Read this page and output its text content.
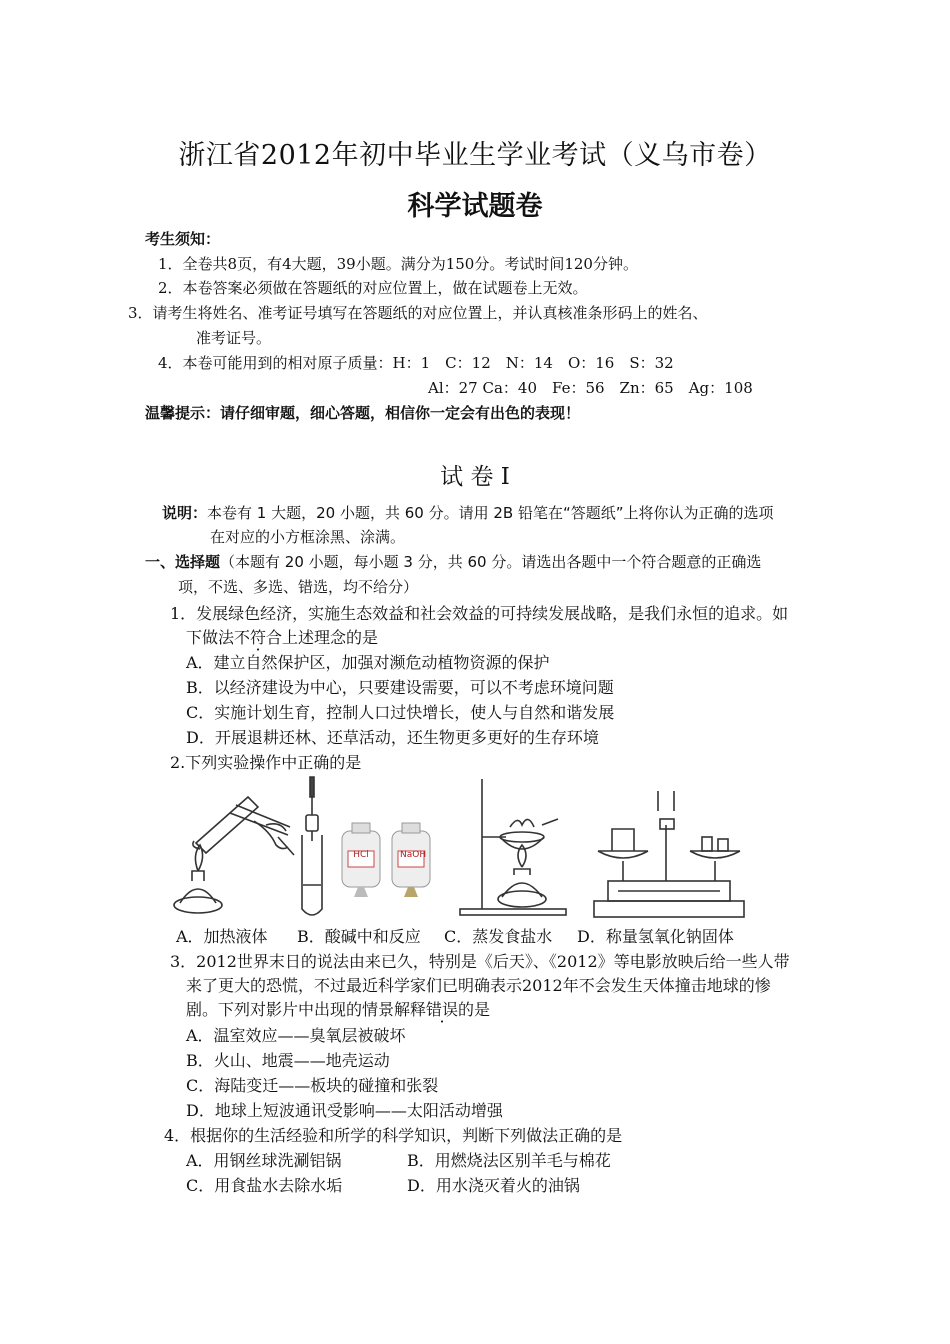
浙江省2012年初中毕业生学业考试（义乌市卷）
科学试题卷
考生须知：
1．全卷共8页，有4大题，39小题。满分为150分。考试时间120分钟。
2．本卷答案必须做在答题纸的对应位置上，做在试题卷上无效。
3．请考生将姓名、准考证号填写在答题纸的对应位置上，并认真核准条形码上的姓名、
准考证号。
4．本卷可能用到的相对原子质量：H：1　C：12　N：14　O：16　S：32
Al：27 Ca：40　Fe：56　Zn：65　Ag：108
温馨提示：请仔细审题，细心答题，相信你一定会有出色的表现！
试 卷 I
说明：本卷有 1 大题，20 小题，共 60 分。请用 2B 铅笔在“答题纸”上将你认为正确的选项
在对应的小方框涂黑、涂满。
一、选择题（本题有 20 小题，每小题 3 分，共 60 分。请选出各题中一个符合题意的正确选
项，不选、多选、错选，均不给分）
1．发展绿色经济，实施生态效益和社会效益的可持续发展战略，是我们永恒的追求。如
下做法不符合上述理念的是
A．建立自然保护区，加强对濒危动植物资源的保护
B．以经济建设为中心，只要建设需要，可以不考虑环境问题
C．实施计划生育，控制人口过快增长，使人与自然和谐发展
D．开展退耕还林、还草活动，还生物更多更好的生存环境
2.下列实验操作中正确的是
HCl	NaOH
A．加热液体 B．酸碱中和反应 C．蒸发食盐水 D．称量氢氧化钠固体
3．2012世界末日的说法由来已久，特别是《后天》、《2012》等电影放映后给一些人带
来了更大的恐慌，不过最近科学家们已明确表示2012年不会发生天体撞击地球的惨
剧。下列对影片中出现的情景解释错误的是
A．温室效应——臭氧层被破坏
B．火山、地震——地壳运动
C．海陆变迁——板块的碰撞和张裂
D．地球上短波通讯受影响——太阳活动增强
4．根据你的生活经验和所学的科学知识，判断下列做法正确的是
A．用钢丝球洗涮铝锅	B．用燃烧法区别羊毛与棉花
C．用食盐水去除水垢	D．用水浇灭着火的油锅
